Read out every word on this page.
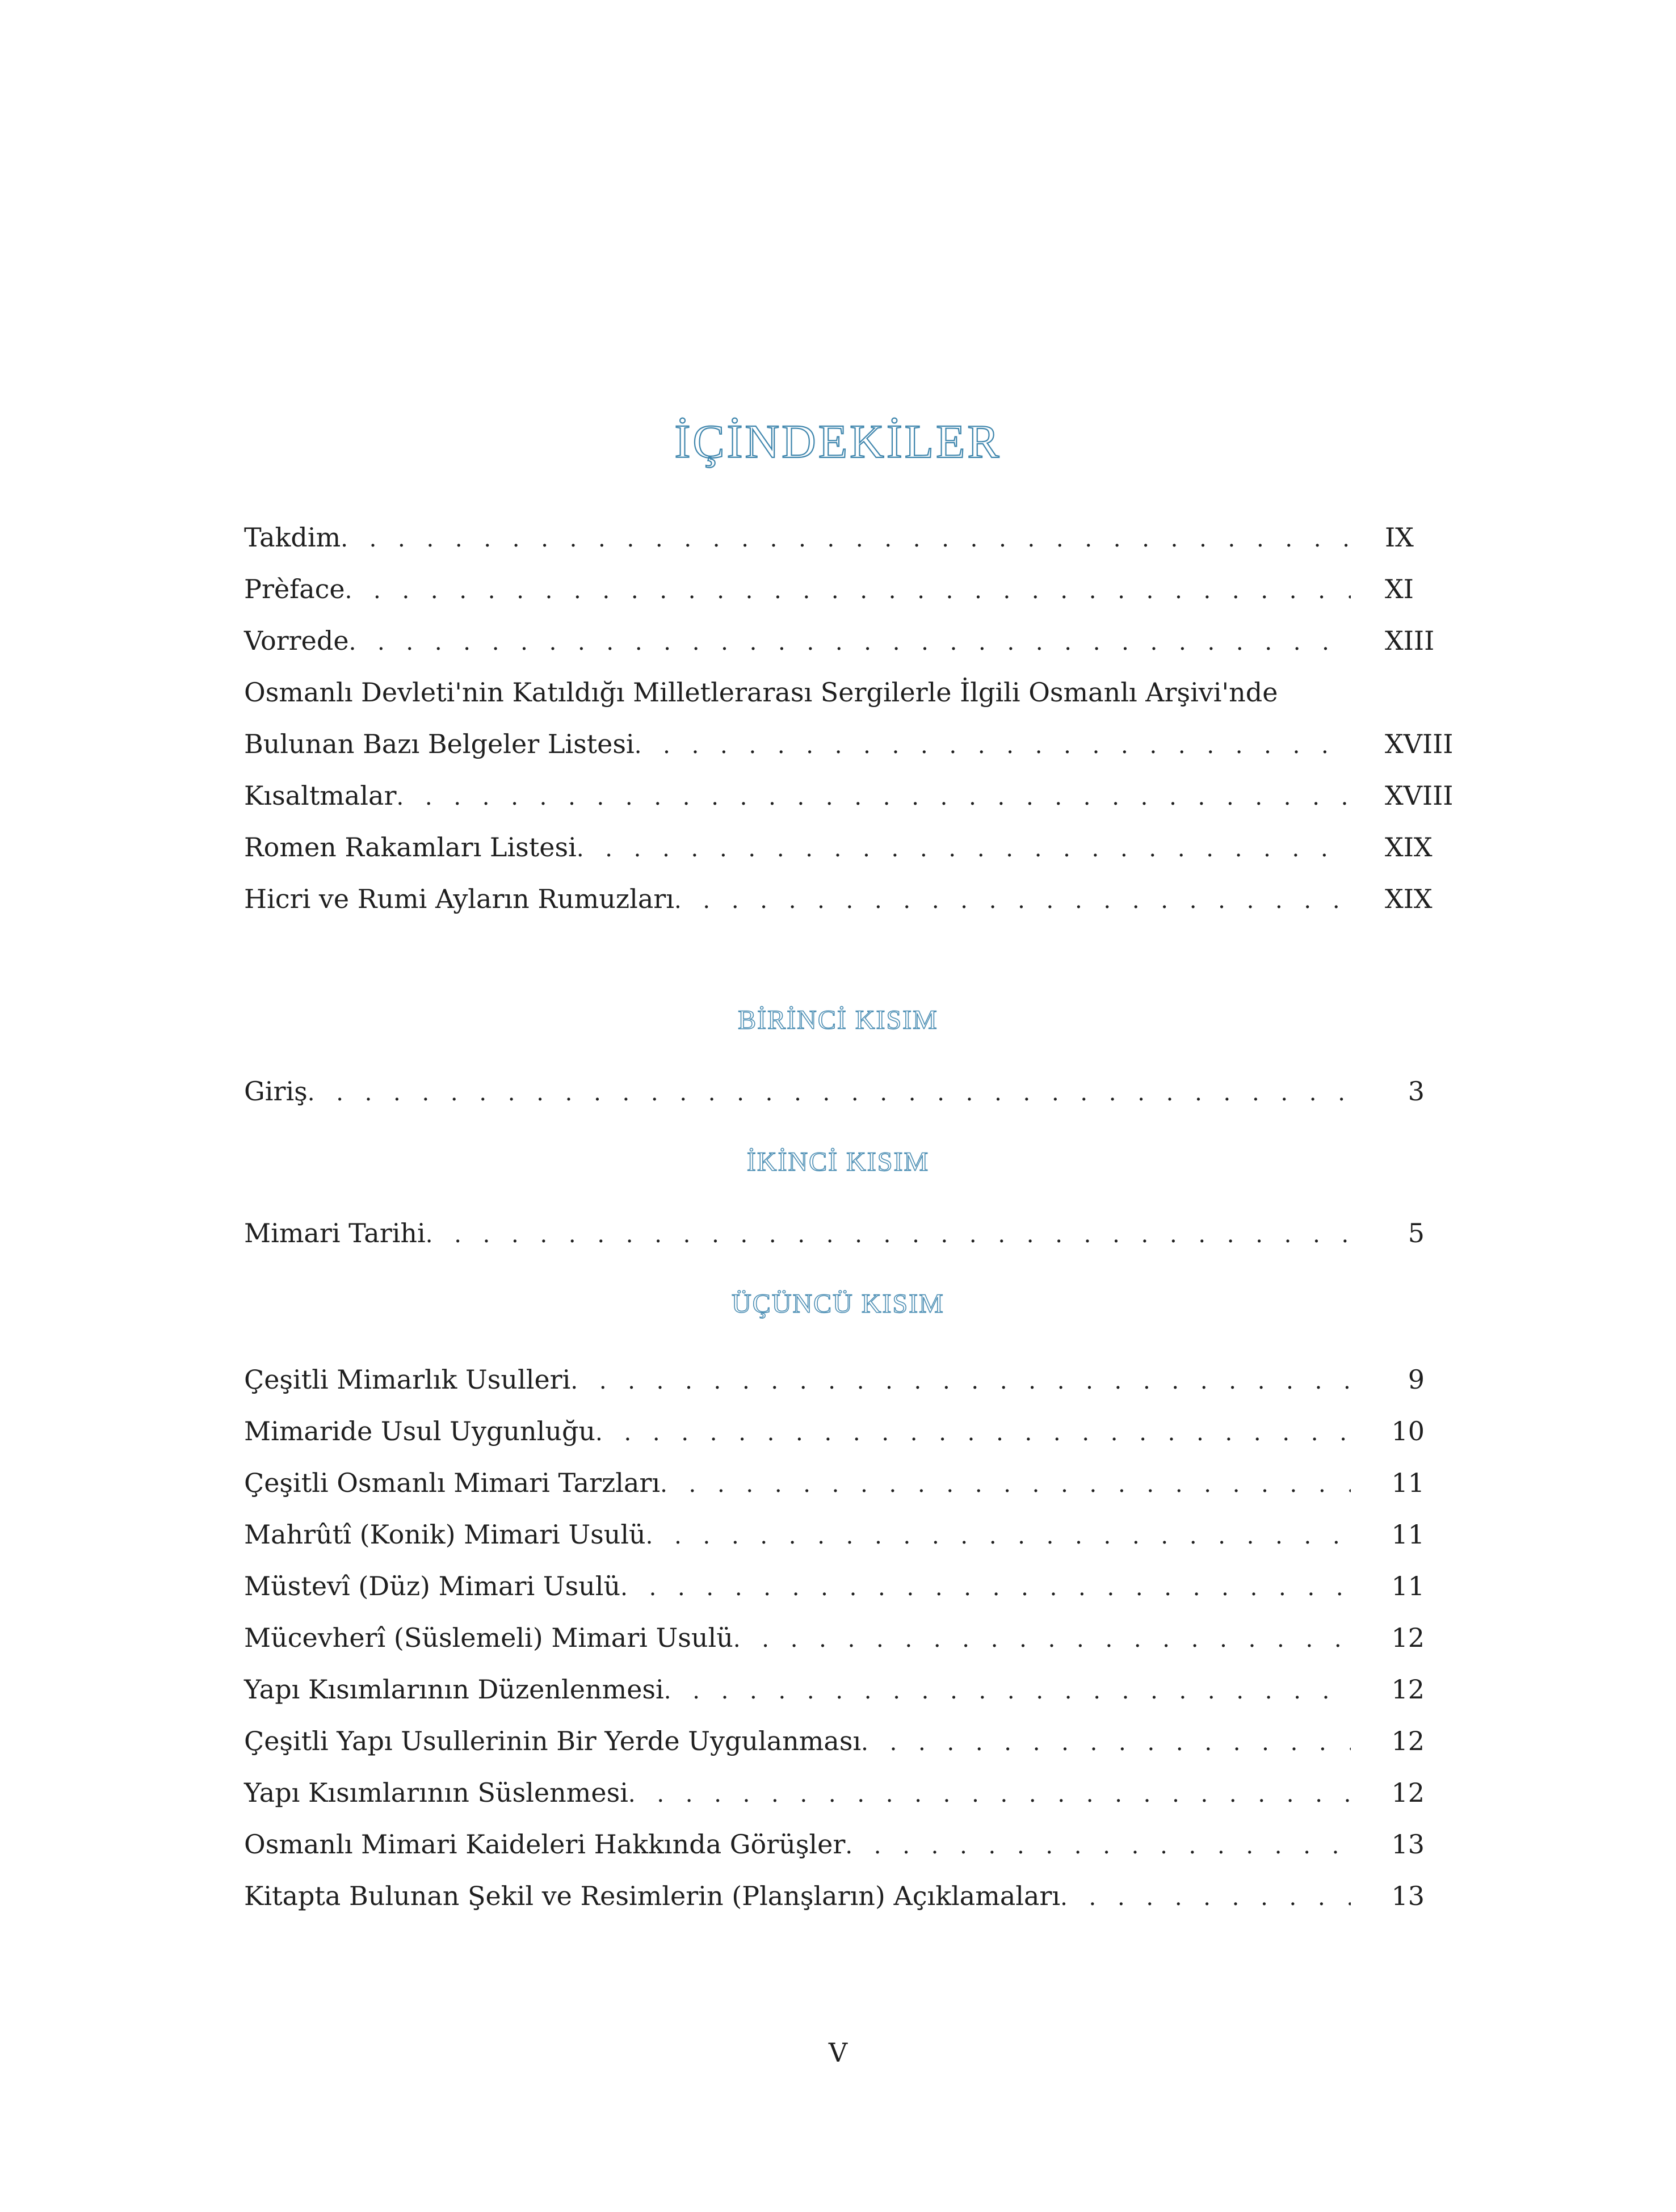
İÇİNDEKİLER
Takdim . . .	IX
Prèface . . .	XI
Vorrede . . .	XIII
Osmanlı Devleti'nin Katıldığı Milletlerarası Sergilerle İlgili Osmanlı Arşivi'nde
Bulunan Bazı Belgeler Listesi . . .	XVIII
Kısaltmalar . . .	XVIII
Romen Rakamları Listesi . . .	XIX
Hicri ve Rumi Ayların Rumuzları . . .	XIX
BİRİNCİ KISIM
Giriş . . .	3
İKİNCİ KISIM
Mimari Tarihi . . .	5
ÜÇÜNCÜ KISIM
Çeşitli Mimarlık Usulleri . . .	9
Mimaride Usul Uygunluğu . . .	10
Çeşitli Osmanlı Mimari Tarzları . . .	11
Mahrûtî (Konik) Mimari Usulü . . .	11
Müstevî (Düz) Mimari Usulü . . .	11
Mücevherî (Süslemeli) Mimari Usulü . . .	12
Yapı Kısımlarının Düzenlenmesi . . .	12
Çeşitli Yapı Usullerinin Bir Yerde Uygulanması . . .	12
Yapı Kısımlarının Süslenmesi . . .	12
Osmanlı Mimari Kaideleri Hakkında Görüşler . . .	13
Kitapta Bulunan Şekil ve Resimlerin (Planşların) Açıklamaları . . .	13
V
